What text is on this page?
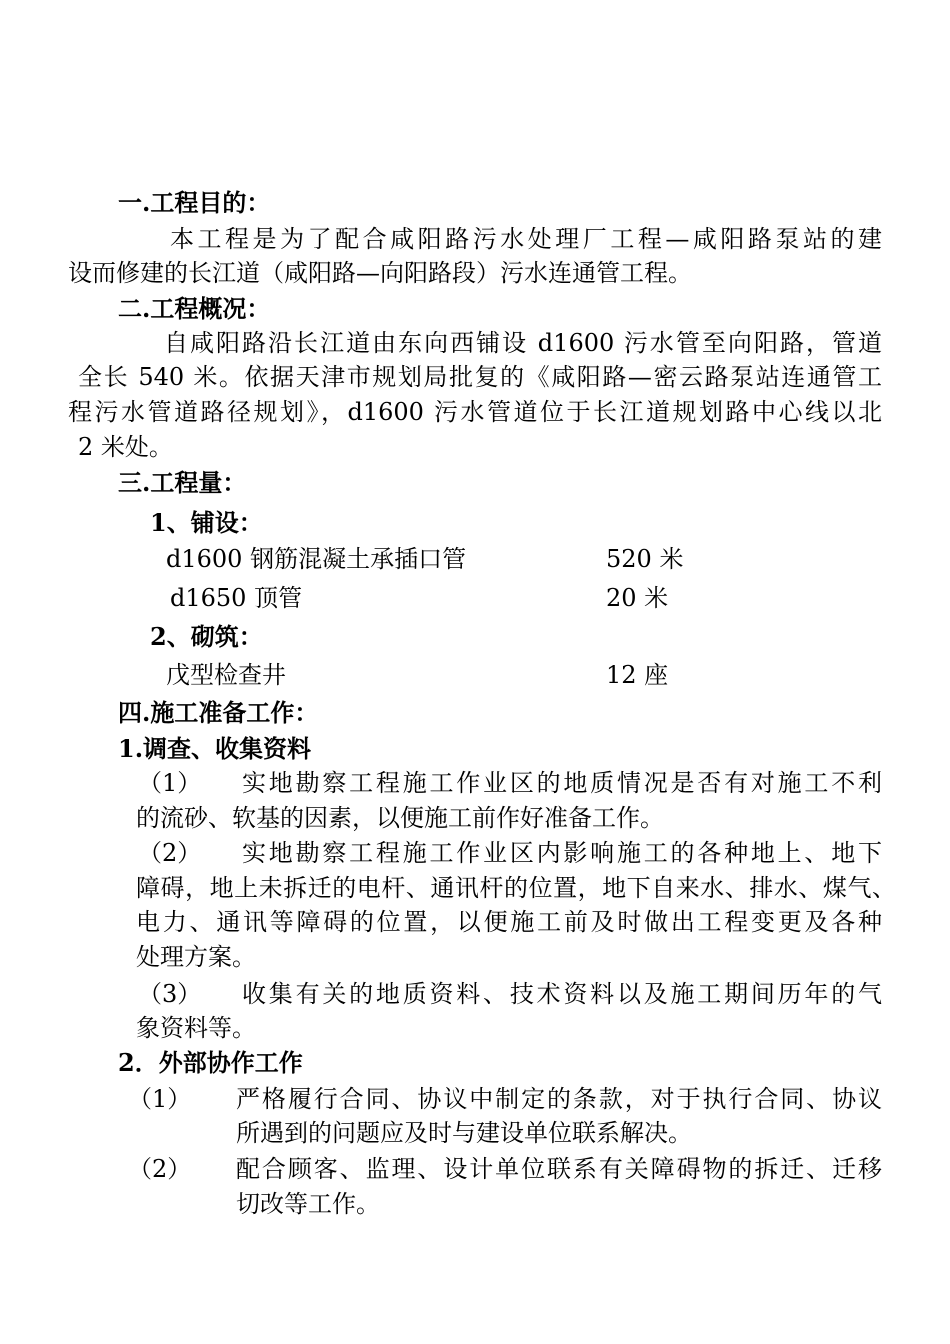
一.工程目的：
本工程是为了配合咸阳路污水处理厂工程—咸阳路泵站的建
设而修建的长江道（咸阳路—向阳路段）污水连通管工程。
二.工程概况：
自咸阳路沿长江道由东向西铺设 d1600 污水管至向阳路，管道
全长 540 米。依据天津市规划局批复的《咸阳路—密云路泵站连通管工
程污水管道路径规划》，d1600 污水管道位于长江道规划路中心线以北
2 米处。
三.工程量：
1、铺设：
d1600 钢筋混凝土承插口管	520 米
d1650 顶管	20 米
2、砌筑：
戊型检查井	12 座
四.施工准备工作：
1.调查、收集资料
（1） 实地勘察工程施工作业区的地质情况是否有对施工不利
的流砂、软基的因素，以便施工前作好准备工作。
（2） 实地勘察工程施工作业区内影响施工的各种地上、地下
障碍，地上未拆迁的电杆、通讯杆的位置，地下自来水、排水、煤气、
电力、通讯等障碍的位置，以便施工前及时做出工程变更及各种
处理方案。
（3） 收集有关的地质资料、技术资料以及施工期间历年的气
象资料等。
2．外部协作工作
（1） 严格履行合同、协议中制定的条款，对于执行合同、协议
所遇到的问题应及时与建设单位联系解决。
（2） 配合顾客、监理、设计单位联系有关障碍物的拆迁、迁移
切改等工作。
